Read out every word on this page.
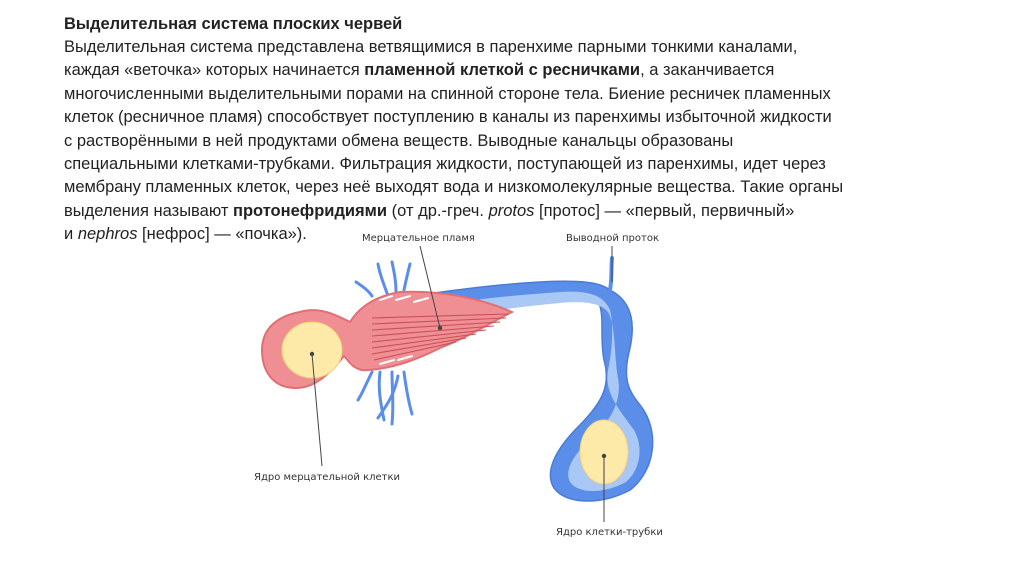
Выделительная система плоских червей
Выделительная система представлена ветвящимися в паренхиме парными тонкими каналами,
каждая «веточка» которых начинается пламенной клеткой с ресничками, а заканчивается
многочисленными выделительными порами на спинной стороне тела. Биение ресничек пламенных
клеток (ресничное пламя) способствует поступлению в каналы из паренхимы избыточной жидкости
с растворёнными в ней продуктами обмена веществ. Выводные канальцы образованы
специальными клетками-трубками. Фильтрация жидкости, поступающей из паренхимы, идет через
мембрану пламенных клеток, через неё выходят вода и низкомолекулярные вещества. Такие органы
выделения называют протонефридиями (от др.-греч. protos [протос] — «первый, первичный»
и nephros [нефрос] — «почка»).	Мерцательное пламя	Выводной проток
Ядро мерцательной клетки
Ядро клетки-трубки
